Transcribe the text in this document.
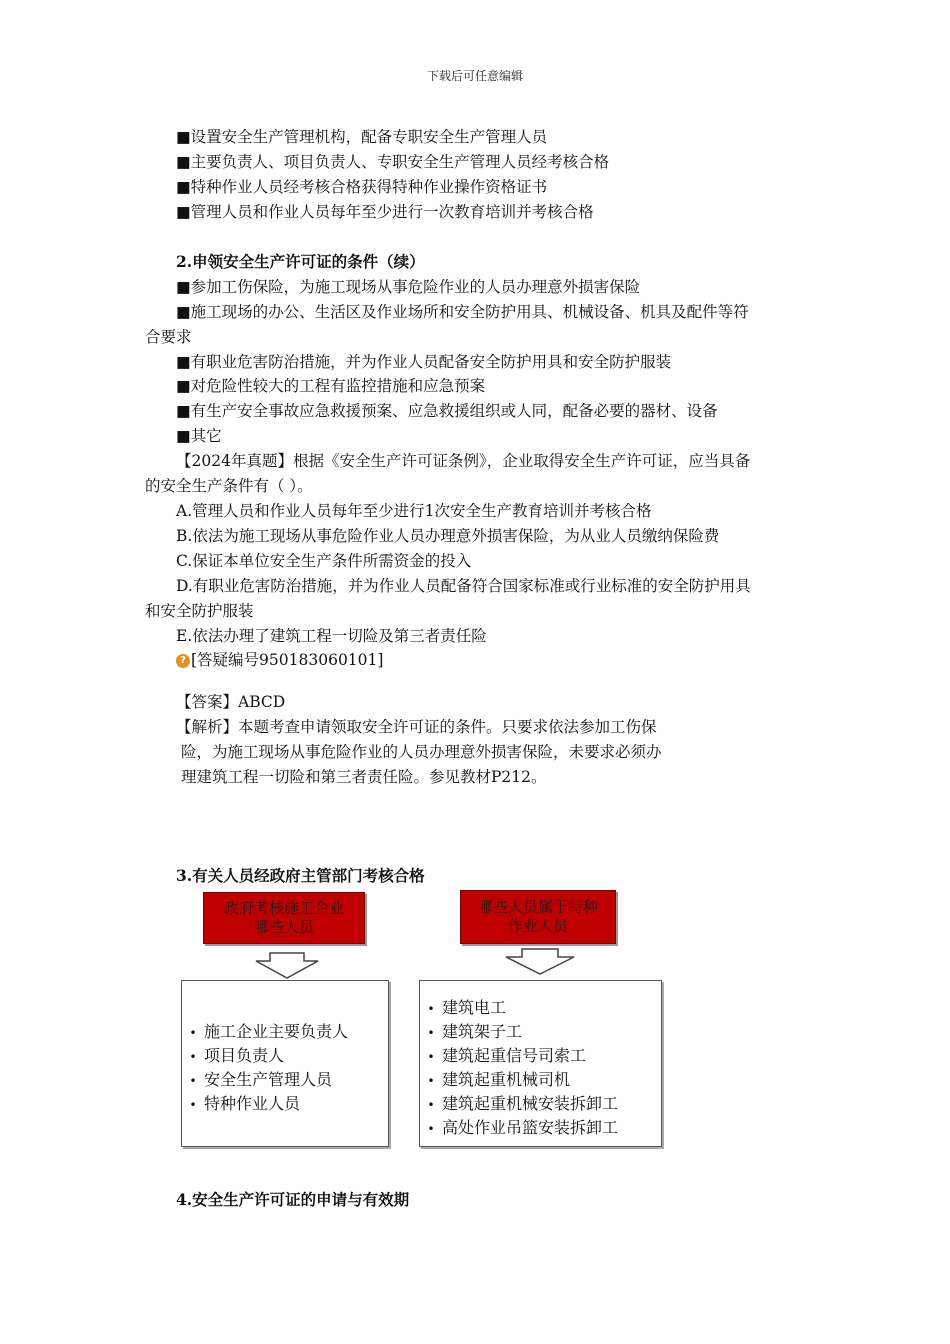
下载后可任意编辑
■设置安全生产管理机构，配备专职安全生产管理人员
■主要负责人、项目负责人、专职安全生产管理人员经考核合格
■特种作业人员经考核合格获得特种作业操作资格证书
■管理人员和作业人员每年至少进行一次教育培训并考核合格
2.申领安全生产许可证的条件（续）
■参加工伤保险，为施工现场从事危险作业的人员办理意外损害保险
■施工现场的办公、生活区及作业场所和安全防护用具、机械设备、机具及配件等符
合要求
■有职业危害防治措施，并为作业人员配备安全防护用具和安全防护服装
■对危险性较大的工程有监控措施和应急预案
■有生产安全事故应急救援预案、应急救援组织或人同，配备必要的器材、设备
■其它
【2024年真题】根据《安全生产许可证条例》，企业取得安全生产许可证，应当具备
的安全生产条件有（ ）。
A.管理人员和作业人员每年至少进行1次安全生产教育培训并考核合格
B.依法为施工现场从事危险作业人员办理意外损害保险，为从业人员缴纳保险费
C.保证本单位安全生产条件所需资金的投入
D.有职业危害防治措施，并为作业人员配备符合国家标准或行业标准的安全防护用具
和安全防护服装
E.依法办理了建筑工程一切险及第三者责任险
? [答疑编号950183060101]
【答案】ABCD
【解析】本题考查申请领取安全许可证的条件。只要求依法参加工伤保
险，为施工现场从事危险作业的人员办理意外损害保险，未要求必须办
理建筑工程一切险和第三者责任险。参见教材P212。
3.有关人员经政府主管部门考核合格
政府考核施工企业
哪些人员
哪些人员属于特种
作业人员
• 施工企业主要负责人
• 项目负责人
• 安全生产管理人员
• 特种作业人员
• 建筑电工
• 建筑架子工
• 建筑起重信号司索工
• 建筑起重机械司机
• 建筑起重机械安装拆卸工
• 高处作业吊篮安装拆卸工
4.安全生产许可证的申请与有效期
